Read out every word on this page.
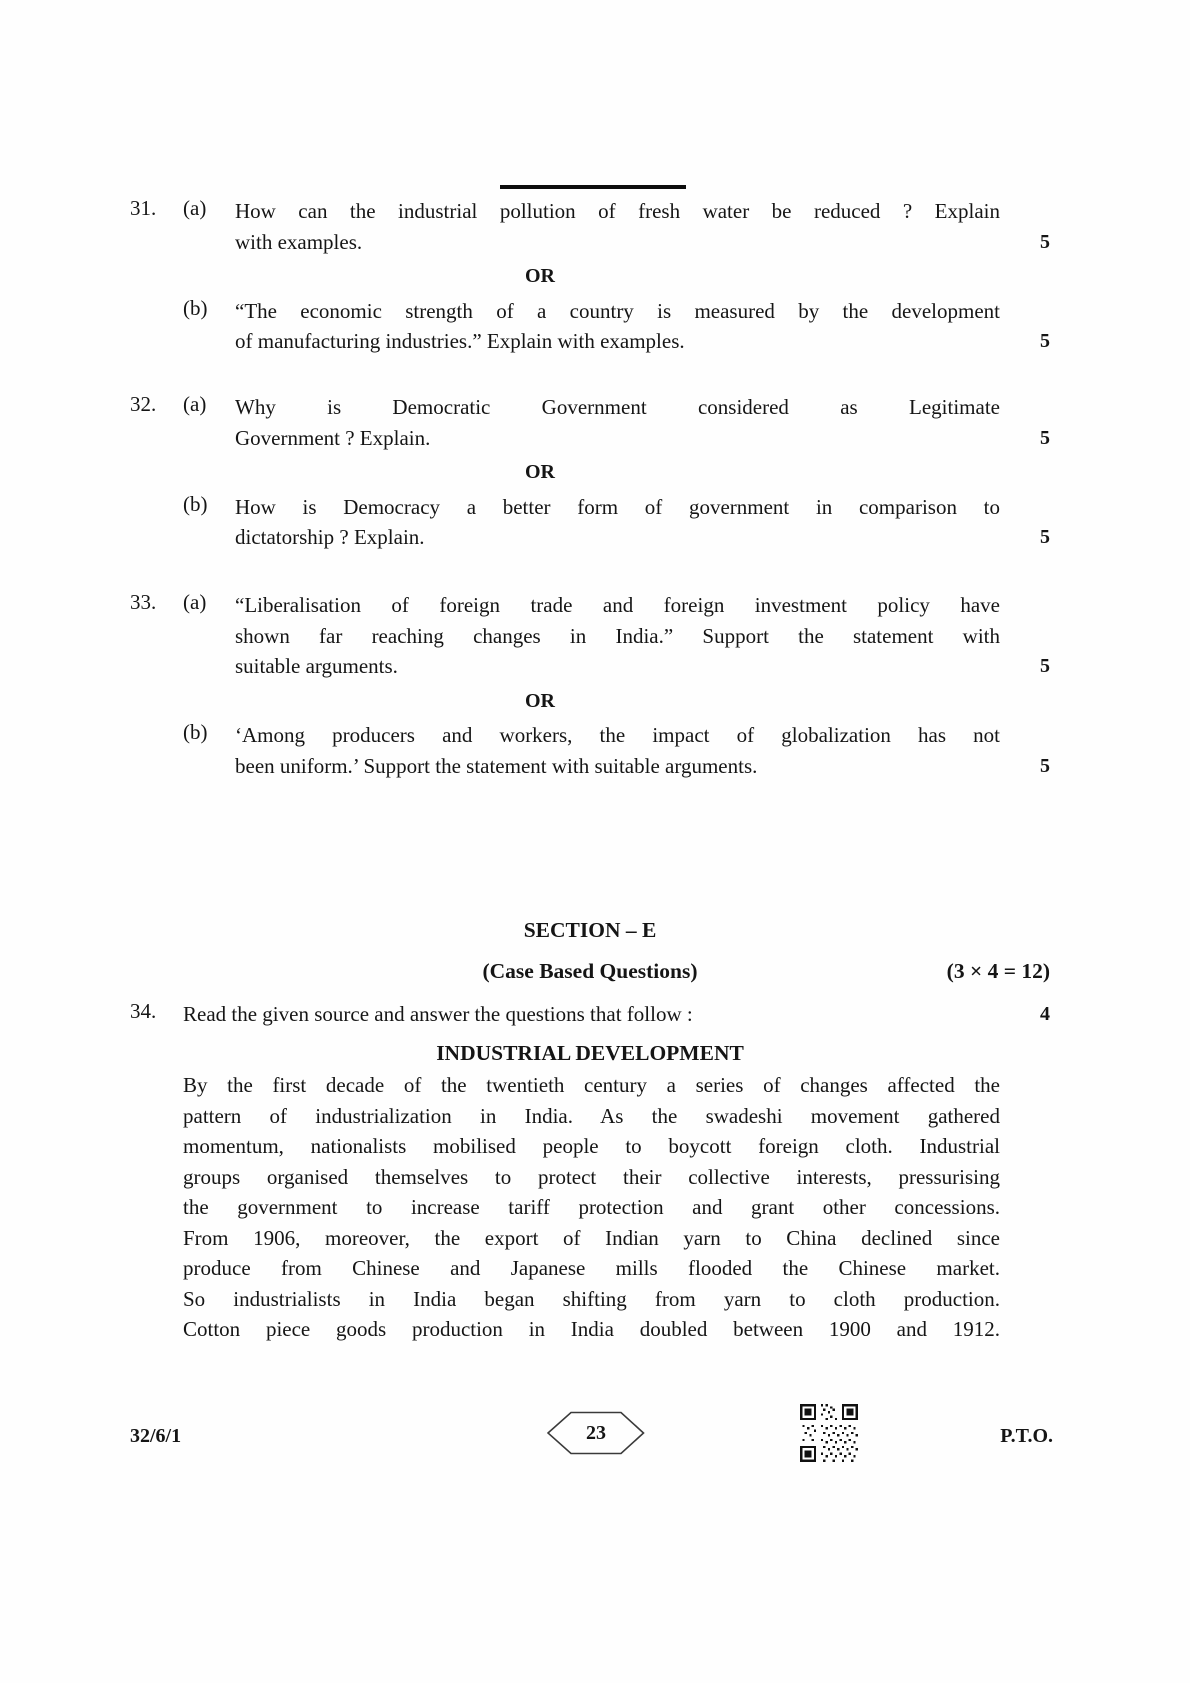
31.	(a)	How can the industrial pollution of fresh water be reduced ? Explain
with examples.	5
OR
(b)	“The economic strength of a country is measured by the development
of manufacturing industries.” Explain with examples.	5
32.	(a)	Why is Democratic Government considered as Legitimate
Government ? Explain.	5
OR
(b)	How is Democracy a better form of government in comparison to
dictatorship ? Explain.	5
33.	(a)	“Liberalisation of foreign trade and foreign investment policy have
shown far reaching changes in India.” Support the statement with
suitable arguments.	5
OR
(b)	‘Among producers and workers, the impact of globalization has not
been uniform.’ Support the statement with suitable arguments.	5
SECTION – E
(Case Based Questions)	(3 × 4 = 12)
34.	Read the given source and answer the questions that follow :	4
INDUSTRIAL DEVELOPMENT
By the first decade of the twentieth century a series of changes affected the
pattern of industrialization in India. As the swadeshi movement gathered
momentum, nationalists mobilised people to boycott foreign cloth. Industrial
groups organised themselves to protect their collective interests, pressurising
the government to increase tariff protection and grant other concessions.
From 1906, moreover, the export of Indian yarn to China declined since
produce from Chinese and Japanese mills flooded the Chinese market.
So industrialists in India began shifting from yarn to cloth production.
Cotton piece goods production in India doubled between 1900 and 1912.
32/6/1	23	P.T.O.
